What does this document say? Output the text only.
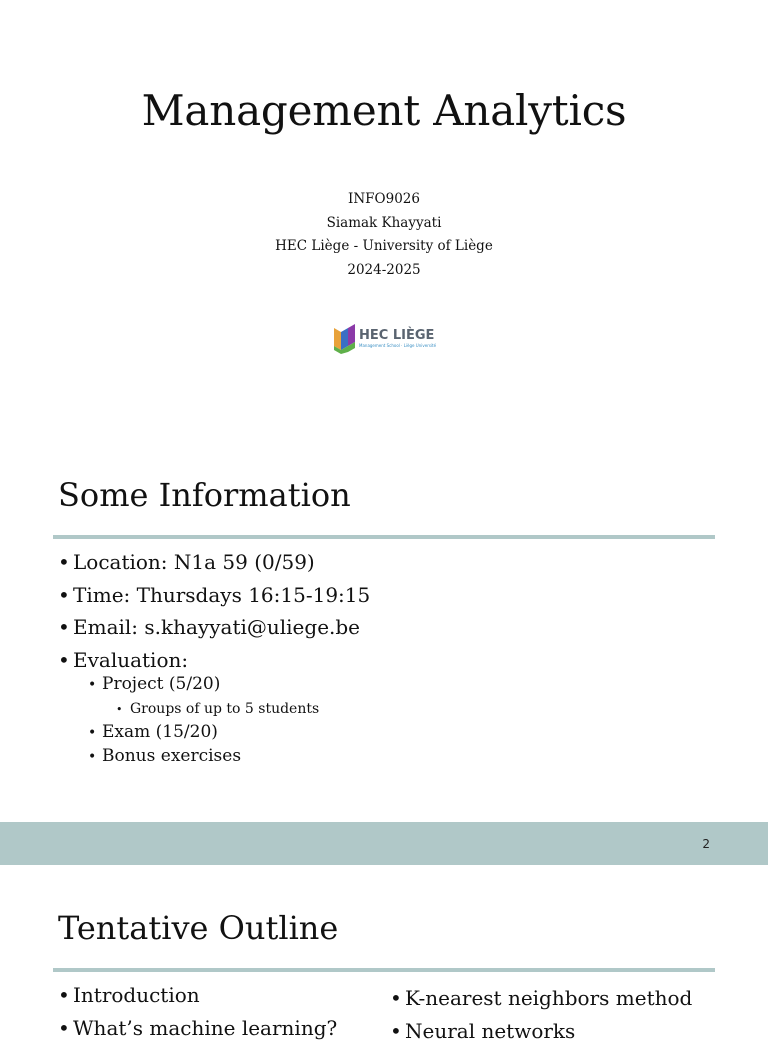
Management Analytics
INFO9026
Siamak Khayyati
HEC Liège - University of Liège
2024-2025
HEC LIÈGE
Management School · Liège Université
Some Information
• Location: N1a 59 (0/59)
• Time: Thursdays 16:15-19:15
• Email: s.khayyati@uliege.be
• Evaluation:
• Project (5/20)
• Groups of up to 5 students
• Exam (15/20)
• Bonus exercises
2
Tentative Outline
• Introduction
• What’s machine learning?
• K-nearest neighbors method
• Neural networks
